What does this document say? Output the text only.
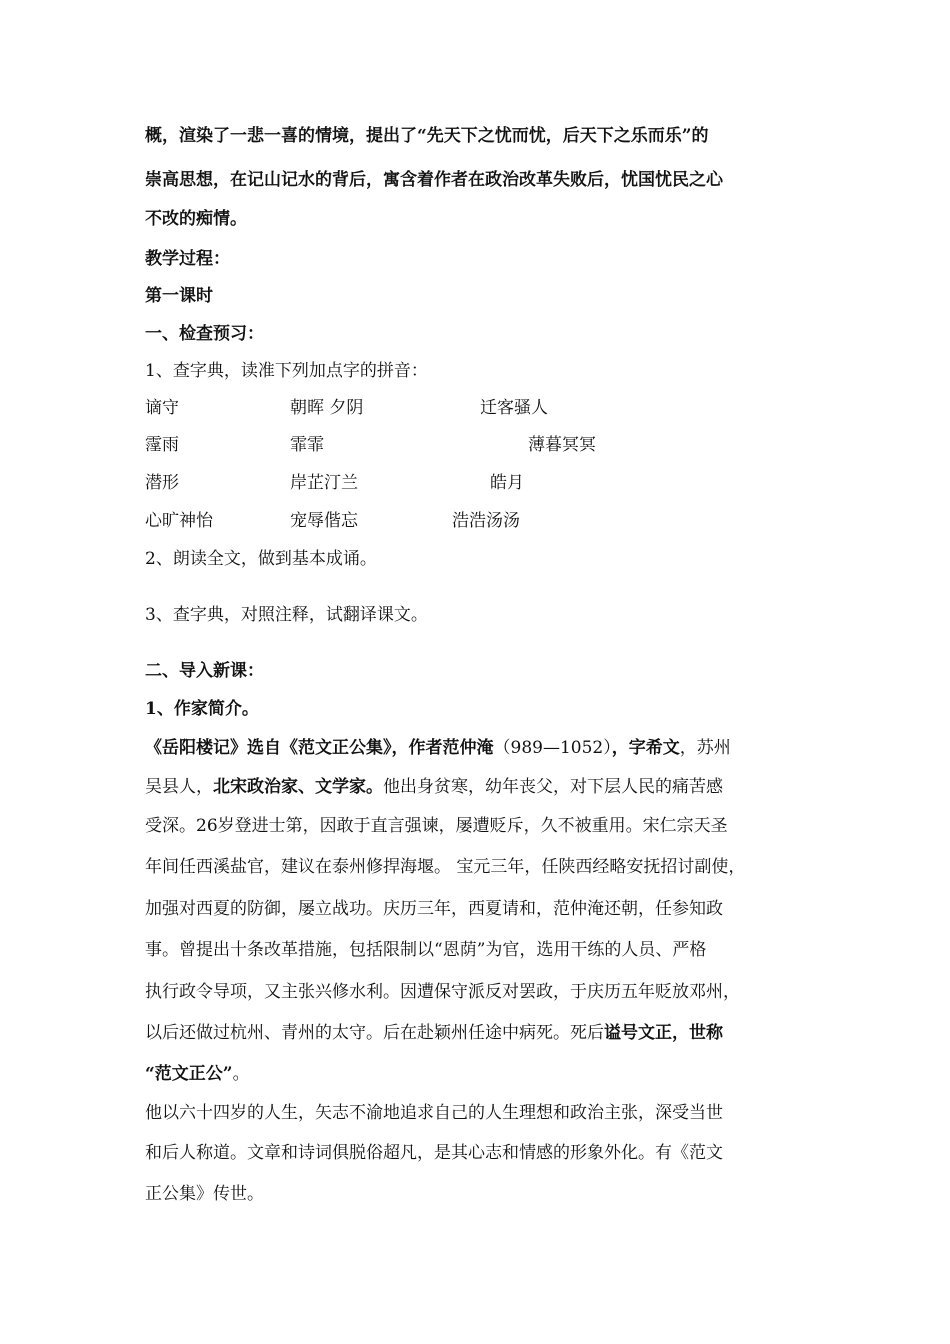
概，渲染了一悲一喜的情境，提出了“先天下之忧而忧，后天下之乐而乐”的
崇高思想，在记山记水的背后，寓含着作者在政治改革失败后，忧国忧民之心
不改的痴情。
教学过程：
第一课时
一、检查预习：
1、查字典，读准下列加点字的拼音：
谪守	朝晖 夕阴	迁客骚人
霪雨	霏霏	薄暮冥冥
潜形	岸芷汀兰	皓月
心旷神怡	宠辱偕忘	浩浩汤汤
2、朗读全文，做到基本成诵。
3、查字典，对照注释，试翻译课文。
二、导入新课：
1、作家简介。
《岳阳楼记》选自《范文正公集》，作者范仲淹（989—1052），字希文，苏州
吴县人，北宋政治家、文学家。他出身贫寒，幼年丧父，对下层人民的痛苦感
受深。26岁登进士第，因敢于直言强谏，屡遭贬斥，久不被重用。宋仁宗天圣
年间任西溪盐官，建议在泰州修捍海堰。 宝元三年，任陕西经略安抚招讨副使，
加强对西夏的防御，屡立战功。庆历三年，西夏请和，范仲淹还朝，任参知政
事。曾提出十条改革措施，包括限制以“恩荫”为官，选用干练的人员、严格
执行政令导项，又主张兴修水利。因遭保守派反对罢政，于庆历五年贬放邓州，
以后还做过杭州、青州的太守。后在赴颖州任途中病死。死后谥号文正，世称
“范文正公”。
他以六十四岁的人生，矢志不渝地追求自己的人生理想和政治主张，深受当世
和后人称道。文章和诗词俱脱俗超凡，是其心志和情感的形象外化。有《范文
正公集》传世。
